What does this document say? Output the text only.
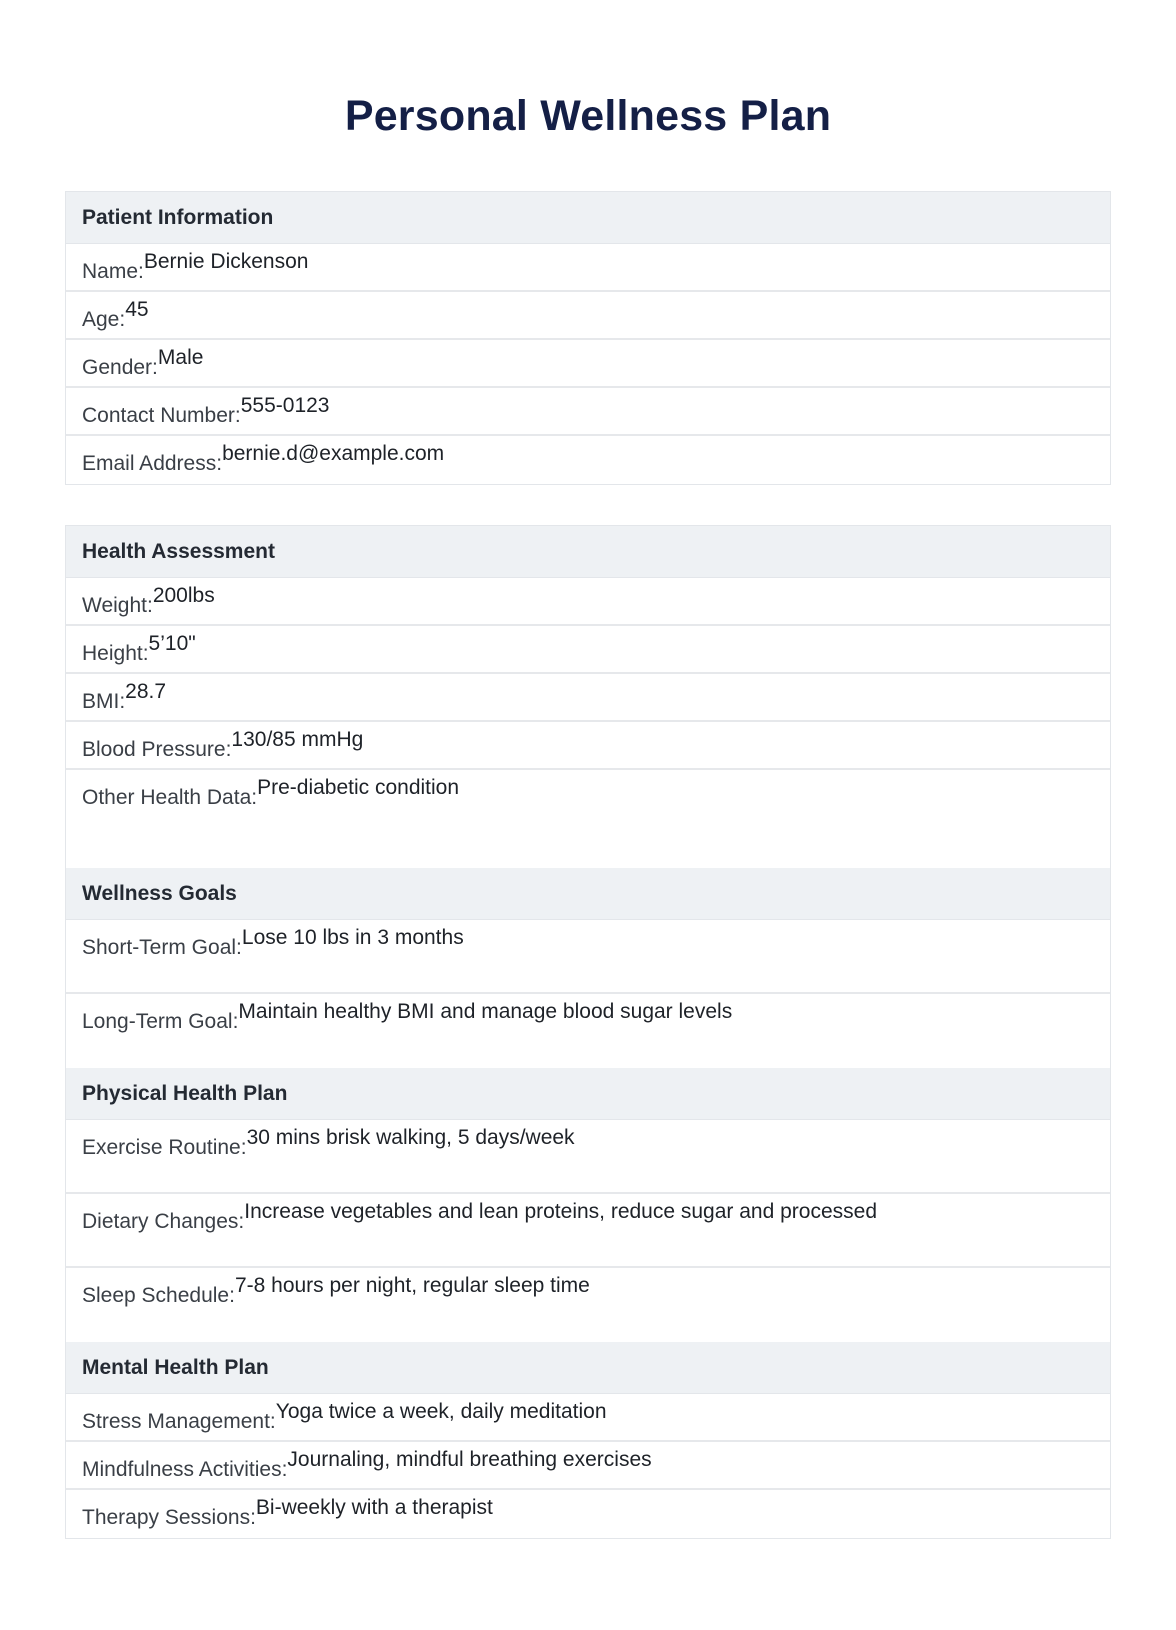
Personal Wellness Plan
Patient Information
Name:Bernie Dickenson
Age:45
Gender:Male
Contact Number:555-0123
Email Address:bernie.d@example.com
Health Assessment
Weight:200lbs
Height:5’10"
BMI:28.7
Blood Pressure:130/85 mmHg
Other Health Data:Pre-diabetic condition
Wellness Goals
Short-Term Goal:Lose 10 lbs in 3 months
Long-Term Goal:Maintain healthy BMI and manage blood sugar levels
Physical Health Plan
Exercise Routine:30 mins brisk walking, 5 days/week
Dietary Changes:Increase vegetables and lean proteins, reduce sugar and processed
Sleep Schedule:7-8 hours per night, regular sleep time
Mental Health Plan
Stress Management:Yoga twice a week, daily meditation
Mindfulness Activities:Journaling, mindful breathing exercises
Therapy Sessions:Bi-weekly with a therapist
